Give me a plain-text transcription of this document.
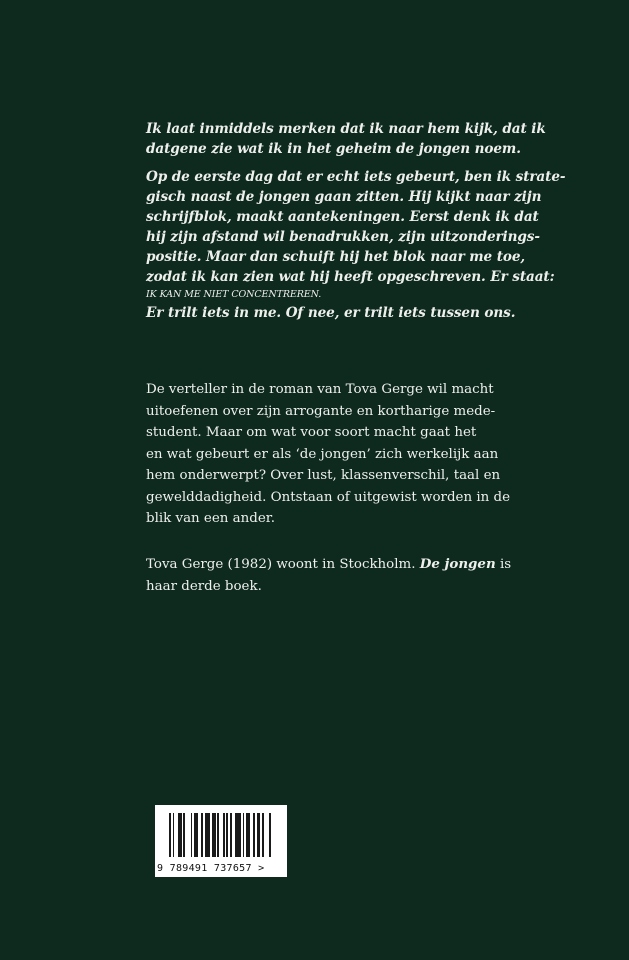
Ik laat inmiddels merken dat ik naar hem kijk, dat ik
datgene zie wat ik in het geheim de jongen noem.
Op de eerste dag dat er echt iets gebeurt, ben ik strate-
gisch naast de jongen gaan zitten. Hij kijkt naar zijn
schrijfblok, maakt aantekeningen. Eerst denk ik dat
hij zijn afstand wil benadrukken, zijn uitzonderings-
positie. Maar dan schuift hij het blok naar me toe,
zodat ik kan zien wat hij heeft opgeschreven. Er staat:
IK KAN ME NIET CONCENTREREN.
Er trilt iets in me. Of nee, er trilt iets tussen ons.
De verteller in de roman van Tova Gerge wil macht
uitoefenen over zijn arrogante en kortharige mede-
student. Maar om wat voor soort macht gaat het
en wat gebeurt er als ‘de jongen’ zich werkelijk aan
hem onderwerpt? Over lust, klassenverschil, taal en
gewelddadigheid. Ontstaan of uitgewist worden in de
blik van een ander.
Tova Gerge (1982) woont in Stockholm. De jongen is
haar derde boek.
9 789491 737657 >
